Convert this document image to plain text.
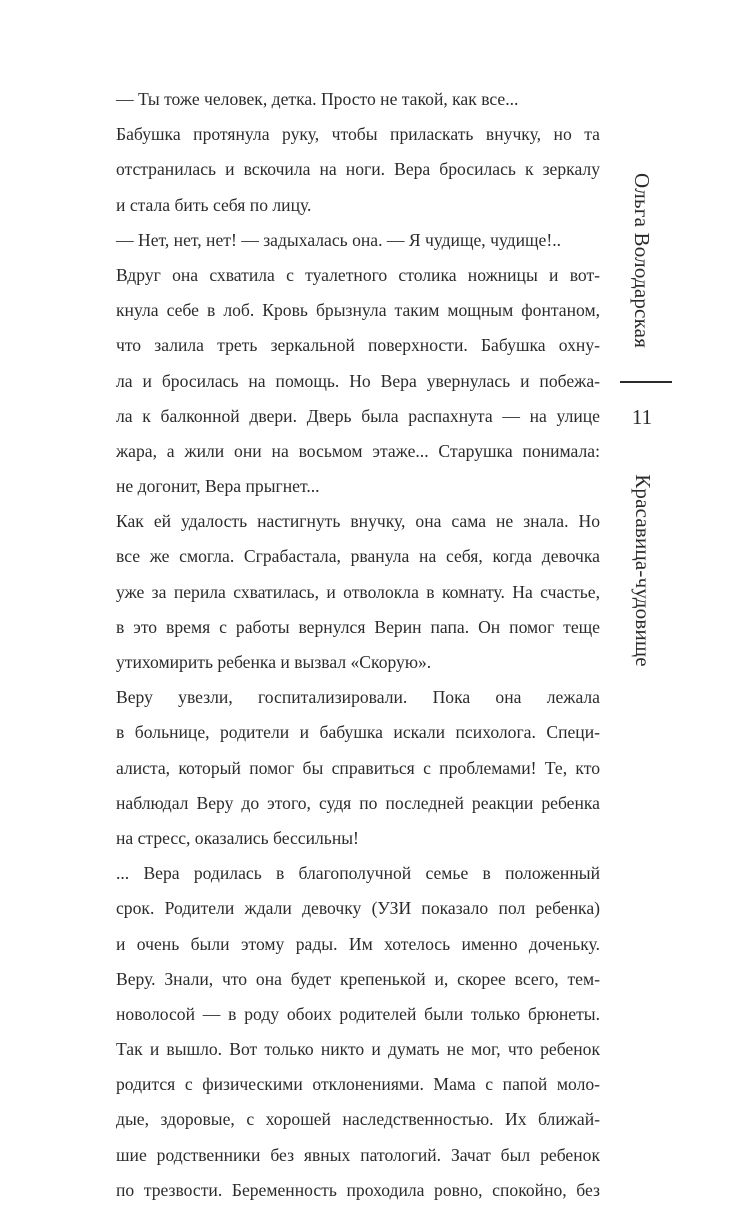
— Ты тоже человек, детка. Просто не такой, как все...
Бабушка протянула руку, чтобы приласкать внучку, но та
отстранилась и вскочила на ноги. Вера бросилась к зеркалу
и стала бить себя по лицу.
— Нет, нет, нет! — задыхалась она. — Я чудище, чудище!..
Вдруг она схватила с туалетного столика ножницы и вот-
кнула себе в лоб. Кровь брызнула таким мощным фонтаном,
что залила треть зеркальной поверхности. Бабушка охну-
ла и бросилась на помощь. Но Вера увернулась и побежа-
ла к балконной двери. Дверь была распахнута — на улице
жара, а жили они на восьмом этаже... Старушка понимала:
не догонит, Вера прыгнет...
Как ей удалость настигнуть внучку, она сама не знала. Но
все же смогла. Сграбастала, рванула на себя, когда девочка
уже за перила схватилась, и отволокла в комнату. На счастье,
в это время с работы вернулся Верин папа. Он помог теще
утихомирить ребенка и вызвал «Скорую».
Веру увезли, госпитализировали. Пока она лежала
в больнице, родители и бабушка искали психолога. Специ-
алиста, который помог бы справиться с проблемами! Те, кто
наблюдал Веру до этого, судя по последней реакции ребенка
на стресс, оказались бессильны!
... Вера родилась в благополучной семье в положенный
срок. Родители ждали девочку (УЗИ показало пол ребенка)
и очень были этому рады. Им хотелось именно доченьку.
Веру. Знали, что она будет крепенькой и, скорее всего, тем-
новолосой — в роду обоих родителей были только брюнеты.
Так и вышло. Вот только никто и думать не мог, что ребенок
родится с физическими отклонениями. Мама с папой моло-
дые, здоровые, с хорошей наследственностью. Их ближай-
шие родственники без явных патологий. Зачат был ребенок
по трезвости. Беременность проходила ровно, спокойно, без
Ольга Володарская
11
Красавица-чудовище
